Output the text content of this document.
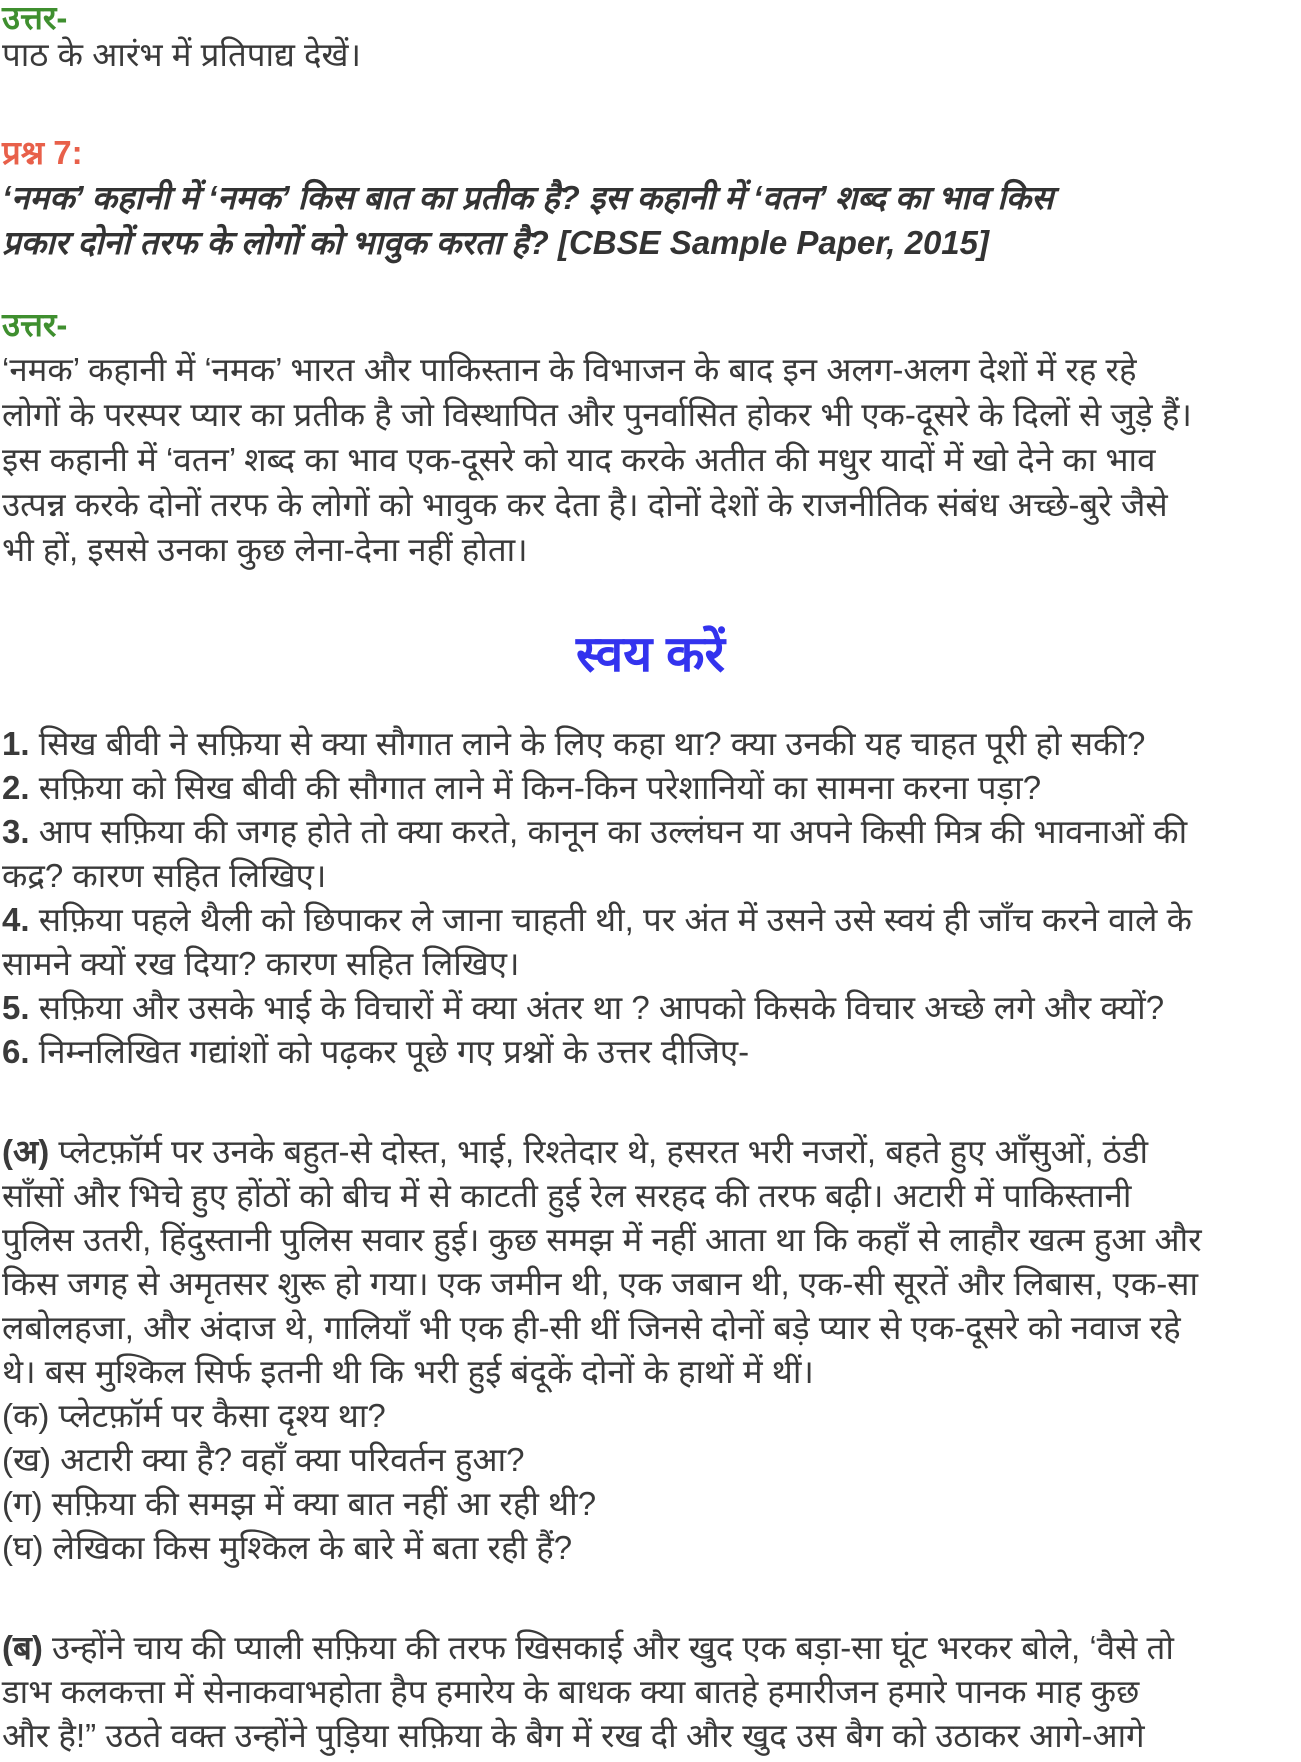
उत्तर-
पाठ के आरंभ में प्रतिपाद्य देखें।
प्रश्न 7:
‘नमक’ कहानी में ‘नमक’ किस बात का प्रतीक है? इस कहानी में ‘वतन’ शब्द का भाव किस
प्रकार दोनों तरफ के लोगों को भावुक करता है? [CBSE Sample Paper, 2015]
उत्तर-
‘नमक’ कहानी में ‘नमक’ भारत और पाकिस्तान के विभाजन के बाद इन अलग-अलग देशों में रह रहे
लोगों के परस्पर प्यार का प्रतीक है जो विस्थापित और पुनर्वासित होकर भी एक-दूसरे के दिलों से जुड़े हैं।
इस कहानी में ‘वतन’ शब्द का भाव एक-दूसरे को याद करके अतीत की मधुर यादों में खो देने का भाव
उत्पन्न करके दोनों तरफ के लोगों को भावुक कर देता है। दोनों देशों के राजनीतिक संबंध अच्छे-बुरे जैसे
भी हों, इससे उनका कुछ लेना-देना नहीं होता।
स्वय करें
1. सिख बीवी ने सफ़िया से क्या सौगात लाने के लिए कहा था? क्या उनकी यह चाहत पूरी हो सकी?
2. सफ़िया को सिख बीवी की सौगात लाने में किन-किन परेशानियों का सामना करना पड़ा?
3. आप सफ़िया की जगह होते तो क्या करते, कानून का उल्लंघन या अपने किसी मित्र की भावनाओं की
कद्र? कारण सहित लिखिए।
4. सफ़िया पहले थैली को छिपाकर ले जाना चाहती थी, पर अंत में उसने उसे स्वयं ही जाँच करने वाले के
सामने क्यों रख दिया? कारण सहित लिखिए।
5. सफ़िया और उसके भाई के विचारों में क्या अंतर था ? आपको किसके विचार अच्छे लगे और क्यों?
6. निम्नलिखित गद्यांशों को पढ़कर पूछे गए प्रश्नों के उत्तर दीजिए-
(अ) प्लेटफ़ॉर्म पर उनके बहुत-से दोस्त, भाई, रिश्तेदार थे, हसरत भरी नजरों, बहते हुए आँसुओं, ठंडी
साँसों और भिचे हुए होंठों को बीच में से काटती हुई रेल सरहद की तरफ बढ़ी। अटारी में पाकिस्तानी
पुलिस उतरी, हिंदुस्तानी पुलिस सवार हुई। कुछ समझ में नहीं आता था कि कहाँ से लाहौर खत्म हुआ और
किस जगह से अमृतसर शुरू हो गया। एक जमीन थी, एक जबान थी, एक-सी सूरतें और लिबास, एक-सा
लबोलहजा, और अंदाज थे, गालियाँ भी एक ही-सी थीं जिनसे दोनों बड़े प्यार से एक-दूसरे को नवाज रहे
थे। बस मुश्किल सिर्फ इतनी थी कि भरी हुई बंदूकें दोनों के हाथों में थीं।
(क) प्लेटफ़ॉर्म पर कैसा दृश्य था?
(ख) अटारी क्या है? वहाँ क्या परिवर्तन हुआ?
(ग) सफ़िया की समझ में क्या बात नहीं आ रही थी?
(घ) लेखिका किस मुश्किल के बारे में बता रही हैं?
(ब) उन्होंने चाय की प्याली सफ़िया की तरफ खिसकाई और खुद एक बड़ा-सा घूंट भरकर बोले, ‘वैसे तो
डाभ कलकत्ता में सेनाकवाभहोता हैप हमारेय के बाधक क्या बातहे हमारीजन हमारे पानक माह कुछ
और है!” उठते वक्त उन्होंने पुड़िया सफ़िया के बैग में रख दी और खुद उस बैग को उठाकर आगे-आगे
